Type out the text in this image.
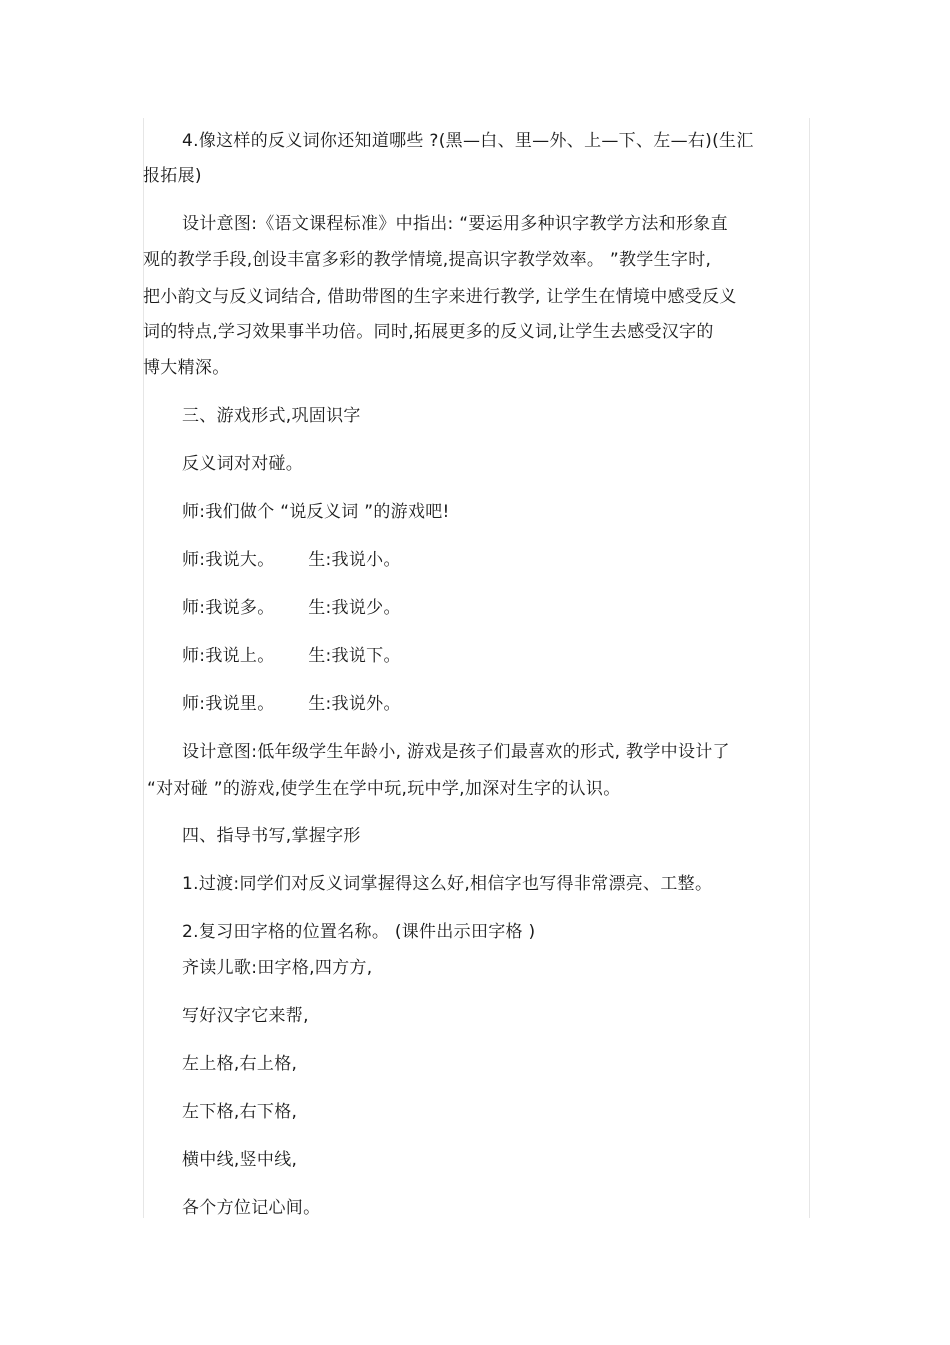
4.像这样的反义词你还知道哪些 ?(黑—白、里—外、上—下、左—右)(生汇
报拓展)
设计意图:《语文课程标准》中指出: “要运用多种识字教学方法和形象直
观的教学手段,创设丰富多彩的教学情境,提高识字教学效率。 ”教学生字时,
把小韵文与反义词结合, 借助带图的生字来进行教学, 让学生在情境中感受反义
词的特点,学习效果事半功倍。同时,拓展更多的反义词,让学生去感受汉字的
博大精深。
三、游戏形式,巩固识字
反义词对对碰。
师:我们做个 “说反义词 ”的游戏吧!
师:我说大。 生:我说小。
师:我说多。 生:我说少。
师:我说上。 生:我说下。
师:我说里。 生:我说外。
设计意图:低年级学生年龄小, 游戏是孩子们最喜欢的形式, 教学中设计了
“对对碰 ”的游戏,使学生在学中玩,玩中学,加深对生字的认识。
四、指导书写,掌握字形
1.过渡:同学们对反义词掌握得这么好,相信字也写得非常漂亮、工整。
2.复习田字格的位置名称。 (课件出示田字格 )
齐读儿歌:田字格,四方方,
写好汉字它来帮,
左上格,右上格,
左下格,右下格,
横中线,竖中线,
各个方位记心间。
